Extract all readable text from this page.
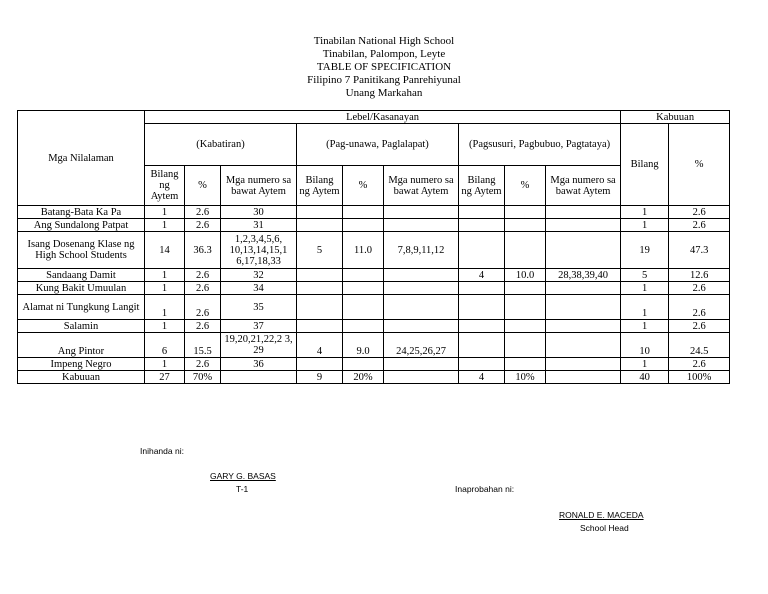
Tinabilan National High School
Tinabilan, Palompon, Leyte
TABLE OF SPECIFICATION
Filipino 7 Panitikang Panrehiyunal
Unang Markahan
Mga Nilalaman	Lebel/Kasanayan									Kabuuan	
	(Kabatiran)			(Pag-unawa, Paglalapat)			(Pagsusuri, Pagbubuo, Pagtataya)			Bilang	%
	Bilang ng Aytem	%	Mga numero sa bawat Aytem	Bilang ng Aytem	%	Mga numero sa bawat Aytem	Bilang ng Aytem	%	Mga numero sa bawat Aytem		
Batang-Bata Ka Pa	1	2.6	30							1	2.6
Ang Sundalong Patpat	1	2.6	31							1	2.6
Isang Dosenang Klase ng High School Students	14	36.3	1,2,3,4,5,6, 10,13,14,15,1 6,17,18,33	5	11.0	7,8,9,11,12				19	47.3
Sandaang Damit	1	2.6	32				4	10.0	28,38,39,40	5	12.6
Kung Bakit Umuulan	1	2.6	34							1	2.6
Alamat ni Tungkung Langit	1	2.6	35							1	2.6
Salamin	1	2.6	37							1	2.6
Ang Pintor	6	15.5	19,20,21,22,2 3, 29	4	9.0	24,25,26,27				10	24.5
Impeng Negro	1	2.6	36							1	2.6
Kabuuan	27	70%		9	20%		4	10%		40	100%
Inihanda ni:
GARY G. BASAS
T-1	Inaprobahan ni:
RONALD E. MACEDA
School Head
